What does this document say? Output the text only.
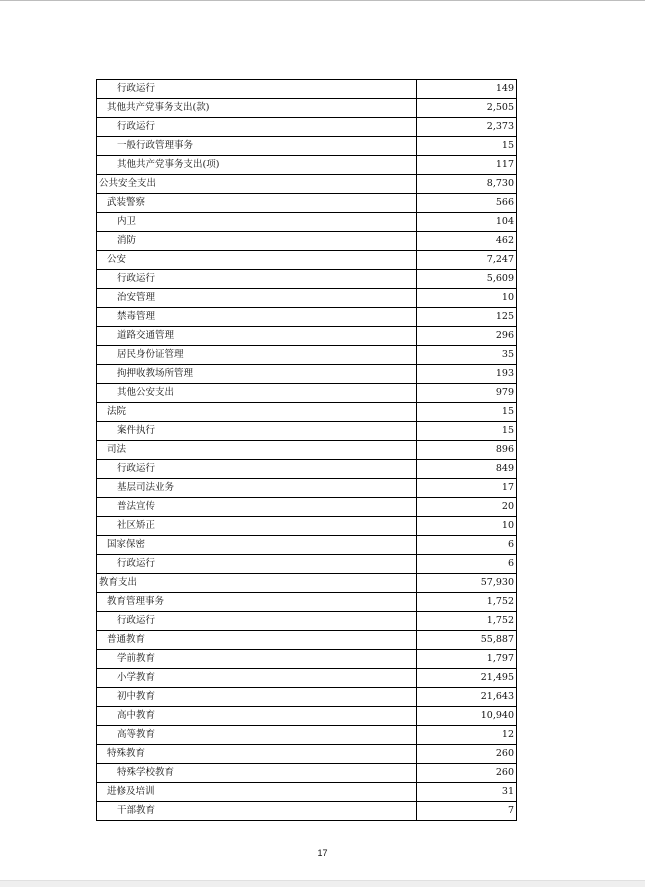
行政运行	149
其他共产党事务支出(款)	2,505
行政运行	2,373
一般行政管理事务	15
其他共产党事务支出(项)	117
公共安全支出	8,730
武装警察	566
内卫	104
消防	462
公安	7,247
行政运行	5,609
治安管理	10
禁毒管理	125
道路交通管理	296
居民身份证管理	35
拘押收教场所管理	193
其他公安支出	979
法院	15
案件执行	15
司法	896
行政运行	849
基层司法业务	17
普法宣传	20
社区矫正	10
国家保密	6
行政运行	6
教育支出	57,930
教育管理事务	1,752
行政运行	1,752
普通教育	55,887
学前教育	1,797
小学教育	21,495
初中教育	21,643
高中教育	10,940
高等教育	12
特殊教育	260
特殊学校教育	260
进修及培训	31
干部教育	7
17
